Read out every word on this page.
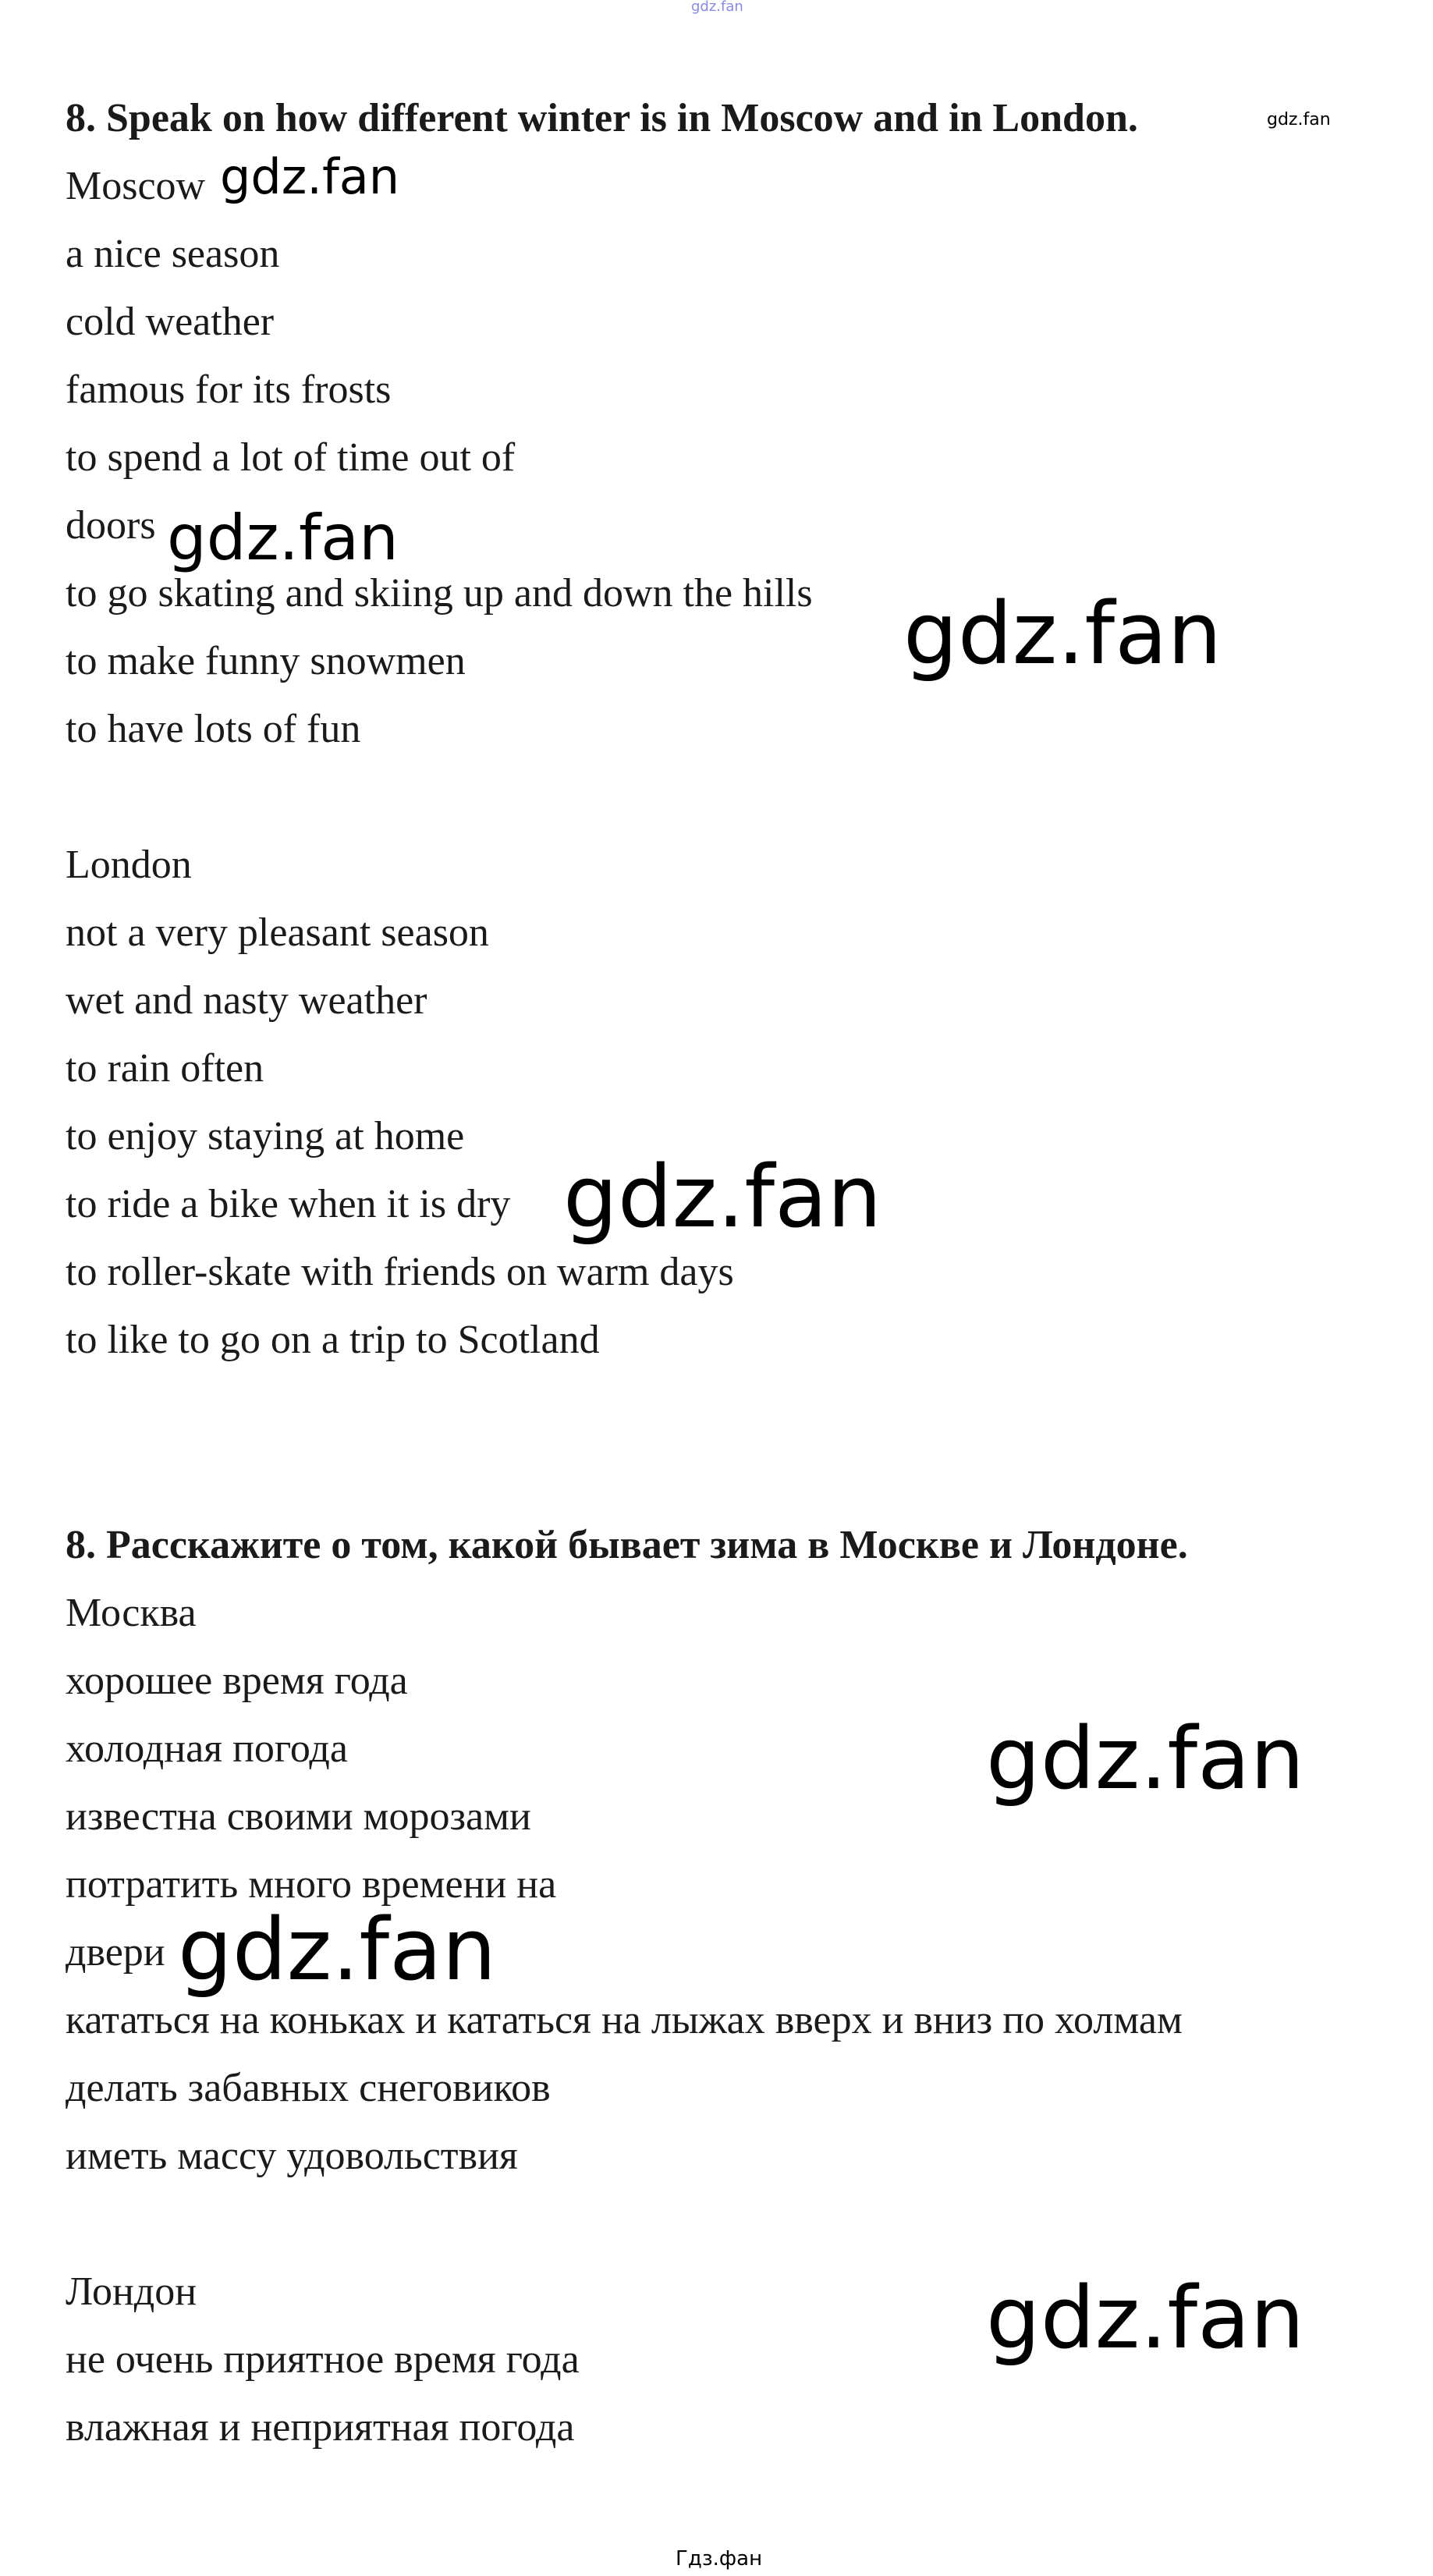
gdz.fan
8. Speak on how different winter is in Moscow and in London.	gdz.fan
Moscow gdz.fan
a nice season
cold weather
famous for its frosts
to spend a lot of time out of
doors gdz.fan
to go skating and skiing up and down the hills gdz.fan
to make funny snowmen
to have lots of fun
London
not a very pleasant season
wet and nasty weather
to rain often
to enjoy staying at home
to ride a bike when it is dry gdz.fan
to roller-skate with friends on warm days
to like to go on a trip to Scotland
8. Расскажите о том, какой бывает зима в Москве и Лондоне.
Москва
хорошее время года
холодная погода	gdz.fan
известна своими морозами
потратить много времени на
двери gdz.fan
кататься на коньках и кататься на лыжах вверх и вниз по холмам
делать забавных снеговиков
иметь массу удовольствия
Лондон	gdz.fan
не очень приятное время года
влажная и неприятная погода
Гдз.фан
